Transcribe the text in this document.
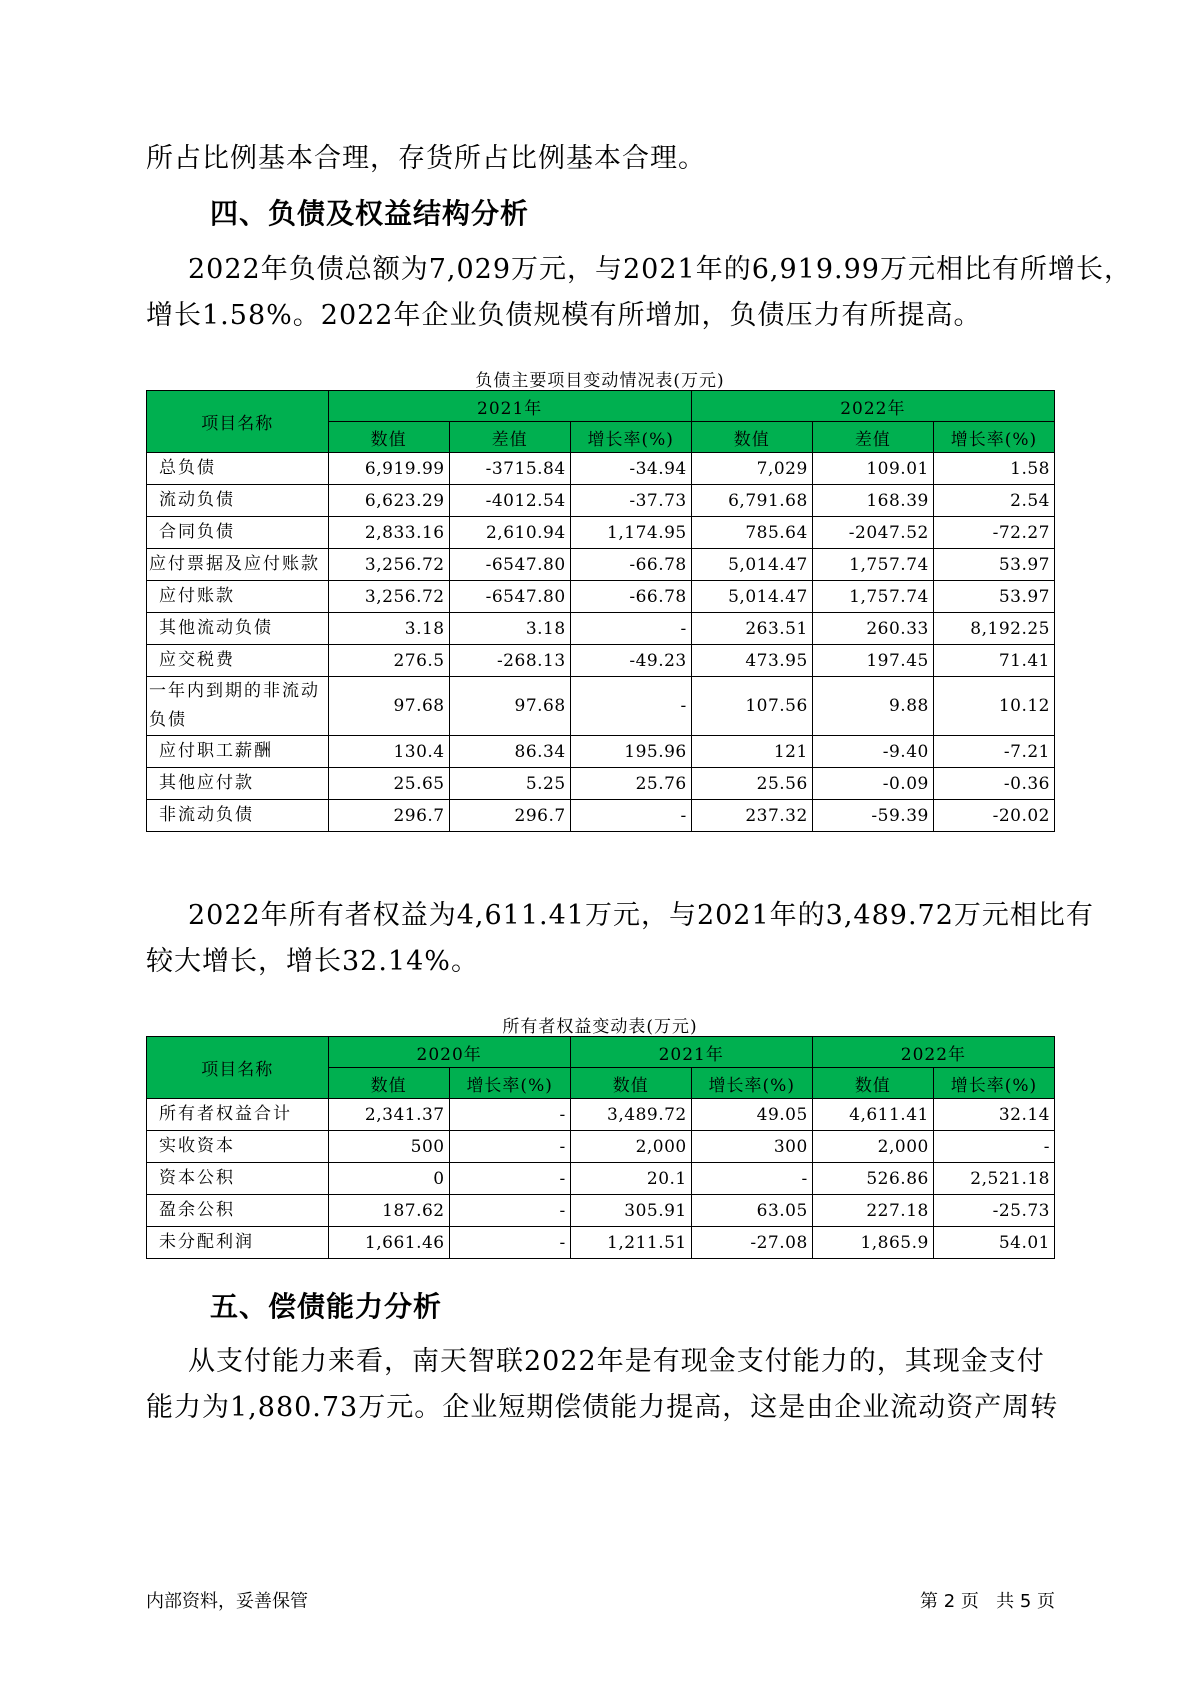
所占比例基本合理，存货所占比例基本合理。
四、负债及权益结构分析
2022年负债总额为7,029万元，与2021年的6,919.99万元相比有所增长，
增长1.58%。2022年企业负债规模有所增加，负债压力有所提高。
负债主要项目变动情况表(万元)
项目名称	2021年			2022年		
	数值	差值	增长率(%)	数值	差值	增长率(%)
总负债	6,919.99	-3715.84	-34.94	7,029	109.01	1.58
流动负债	6,623.29	-4012.54	-37.73	6,791.68	168.39	2.54
合同负债	2,833.16	2,610.94	1,174.95	785.64	-2047.52	-72.27
应付票据及应付账款	3,256.72	-6547.80	-66.78	5,014.47	1,757.74	53.97
应付账款	3,256.72	-6547.80	-66.78	5,014.47	1,757.74	53.97
其他流动负债	3.18	3.18	-	263.51	260.33	8,192.25
应交税费	276.5	-268.13	-49.23	473.95	197.45	71.41
一年内到期的非流动负债	97.68	97.68	-	107.56	9.88	10.12
应付职工薪酬	130.4	86.34	195.96	121	-9.40	-7.21
其他应付款	25.65	5.25	25.76	25.56	-0.09	-0.36
非流动负债	296.7	296.7	-	237.32	-59.39	-20.02
2022年所有者权益为4,611.41万元，与2021年的3,489.72万元相比有
较大增长，增长32.14%。
所有者权益变动表(万元)
项目名称	2020年		2021年		2022年	
	数值	增长率(%)	数值	增长率(%)	数值	增长率(%)
所有者权益合计	2,341.37	-	3,489.72	49.05	4,611.41	32.14
实收资本	500	-	2,000	300	2,000	-
资本公积	0	-	20.1	-	526.86	2,521.18
盈余公积	187.62	-	305.91	63.05	227.18	-25.73
未分配利润	1,661.46	-	1,211.51	-27.08	1,865.9	54.01
五、偿债能力分析
从支付能力来看，南天智联2022年是有现金支付能力的，其现金支付
能力为1,880.73万元。企业短期偿债能力提高，这是由企业流动资产周转
内部资料，妥善保管	第 2 页   共 5 页
